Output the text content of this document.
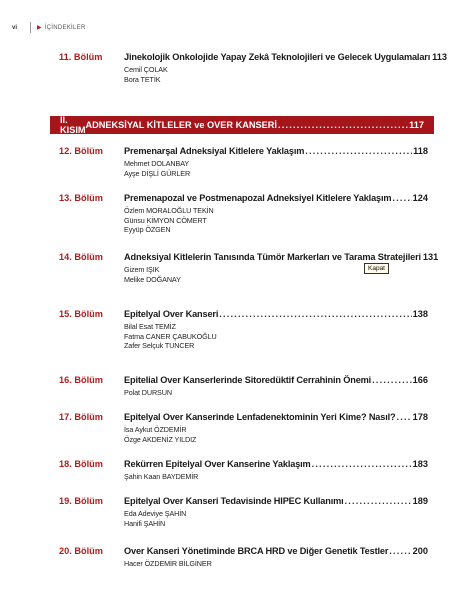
vi	▶ İÇİNDEKİLER
11. Bölüm Jinekolojik Onkolojide Yapay Zekâ Teknolojileri ve Gelecek Uygulamaları 113
Cemil ÇOLAK
Bora TETİK
II. KISIM ADNEKSİYAL KİTLELER ve OVER KANSERİ .....	117
12. Bölüm Premenarşal Adneksiyal Kitlelere Yaklaşım .....	118
Mehmet DOLANBAY
Ayşe DİŞLİ GÜRLER
13. Bölüm Premenapozal ve Postmenapozal Adneksiyel Kitlelere Yaklaşım ..... 124
Özlem MORALOĞLU TEKİN
Günsu KİMYON CÖMERT
Eyyüp ÖZGEN
14. Bölüm Adneksiyal Kitlelerin Tanısında Tümör Markerları ve Tarama Stratejileri 131
Gizem IŞIK
Melike DOĞANAY
Kapat
15. Bölüm Epitelyal Over Kanseri .....	138
Bilal Esat TEMİZ
Fatma CANER ÇABUKOĞLU
Zafer Selçuk TUNCER
16. Bölüm Epitelial Over Kanserlerinde Sitoredüktif Cerrahinin Önemi .....	166
Polat DURSUN
17. Bölüm Epitelyal Over Kanserinde Lenfadenektominin Yeri Kime? Nasıl? ..... 178
İsa Aykut ÖZDEMİR
Özge AKDENİZ YILDIZ
18. Bölüm Rekürren Epitelyal Over Kanserine Yaklaşım .....	183
Şahin Kaan BAYDEMİR
19. Bölüm Epitelyal Over Kanseri Tedavisinde HIPEC Kullanımı .....	189
Eda Adeviye ŞAHİN
Hanifi ŞAHİN
20. Bölüm Over Kanseri Yönetiminde BRCA HRD ve Diğer Genetik Testler .....	200
Hacer ÖZDEMİR BİLGİNER
